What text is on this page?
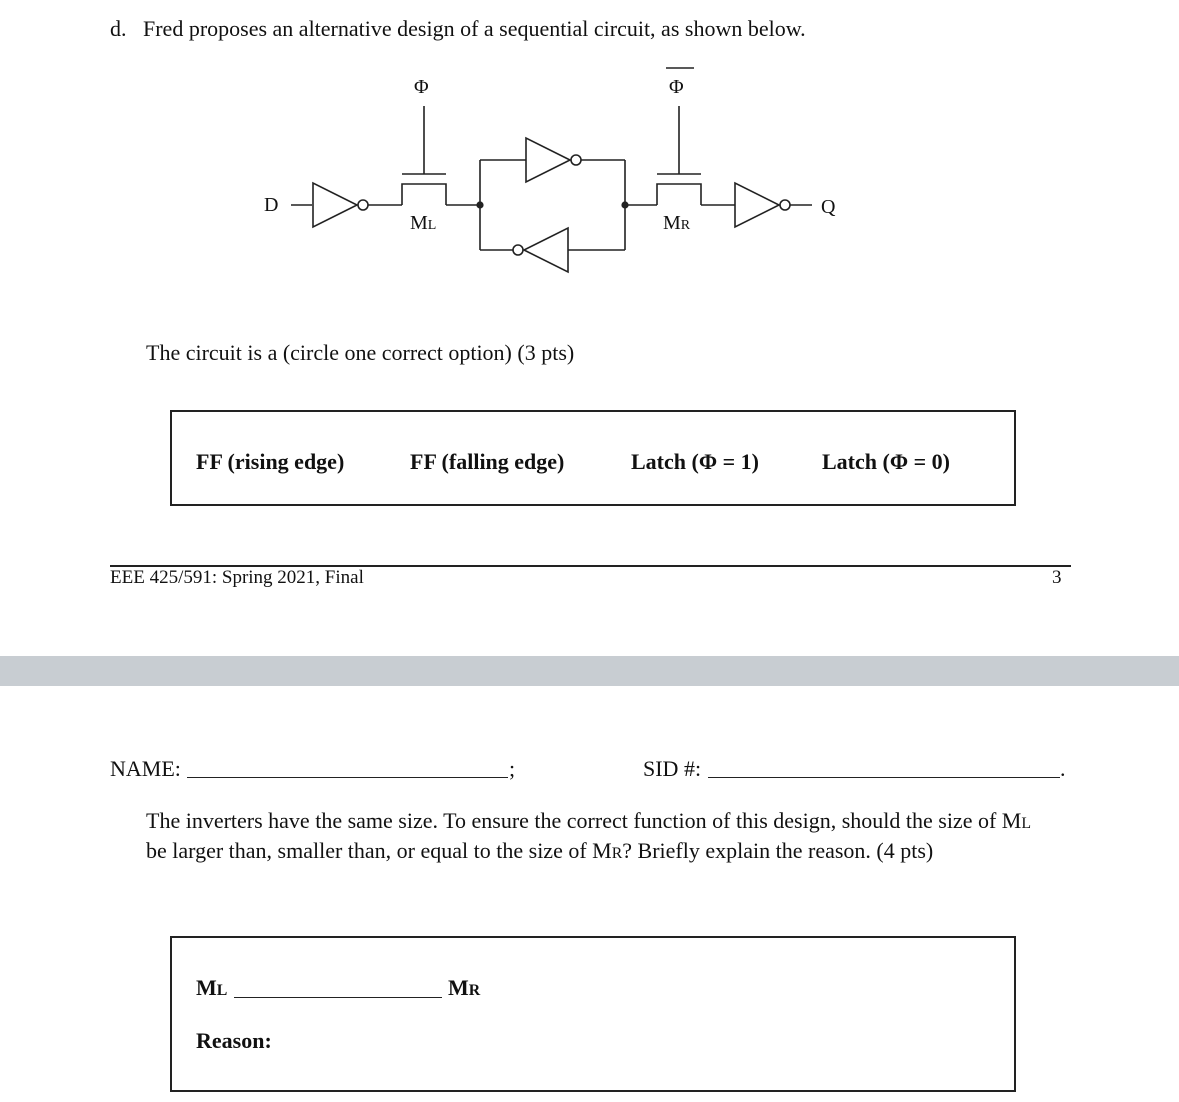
d.   Fred proposes an alternative design of a sequential circuit, as shown below.
Φ	Φ
D	Q
ML	MR
The circuit is a (circle one correct option) (3 pts)
FF (rising edge)	FF (falling edge)	Latch (Φ = 1)	Latch (Φ = 0)
EEE 425/591: Spring 2021, Final	3
NAME:	;	SID #:	.
The inverters have the same size. To ensure the correct function of this design, should the size of ML
be larger than, smaller than, or equal to the size of MR? Briefly explain the reason. (4 pts)
ML	MR
Reason:
